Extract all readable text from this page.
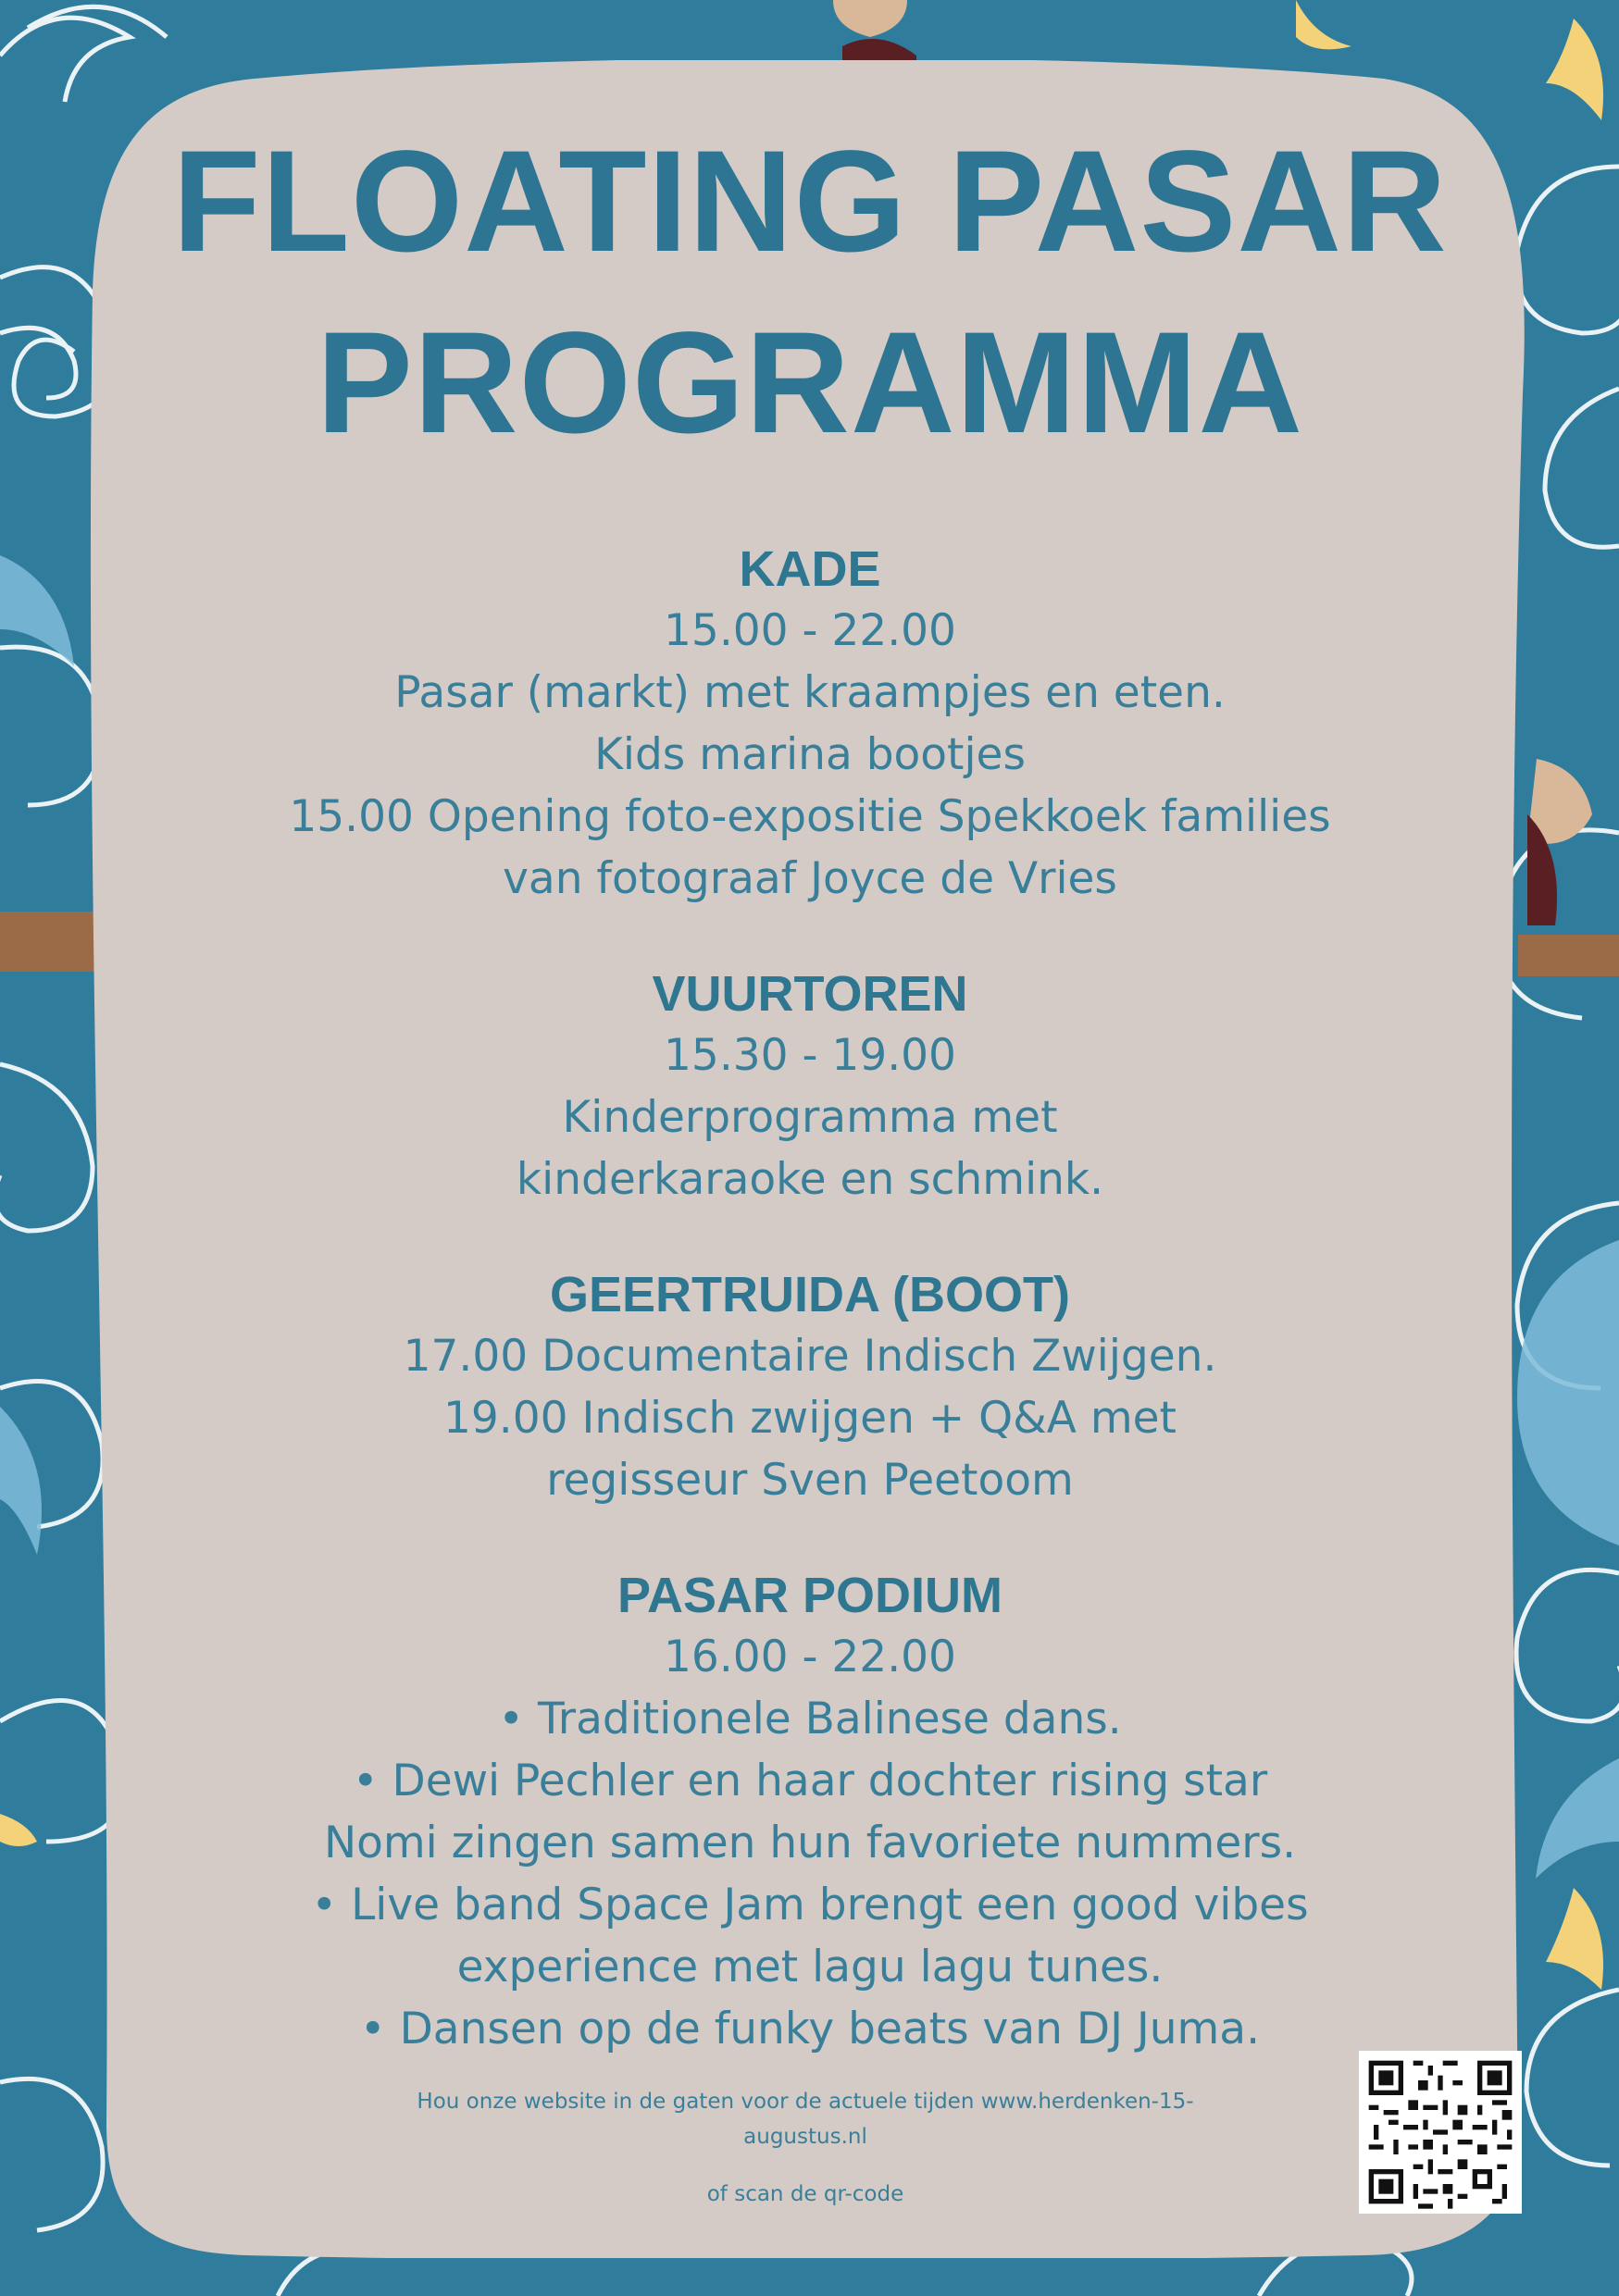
FLOATING PASAR
PROGRAMMA
KADE
15.00 - 22.00
Pasar (markt) met kraampjes en eten.
Kids marina bootjes
15.00 Opening foto-expositie Spekkoek families
van fotograaf Joyce de Vries
VUURTOREN
15.30 - 19.00
Kinderprogramma met
kinderkaraoke en schmink.
GEERTRUIDA (BOOT)
17.00 Documentaire Indisch Zwijgen.
19.00 Indisch zwijgen + Q&A met
regisseur Sven Peetoom
PASAR PODIUM
16.00 - 22.00
• Traditionele Balinese dans.
• Dewi Pechler en haar dochter rising star
Nomi zingen samen hun favoriete nummers.
• Live band Space Jam brengt een good vibes
experience met lagu lagu tunes.
• Dansen op de funky beats van DJ Juma.
Hou onze website in de gaten voor de actuele tijden www.herdenken-15-
augustus.nl
of scan de qr-code
